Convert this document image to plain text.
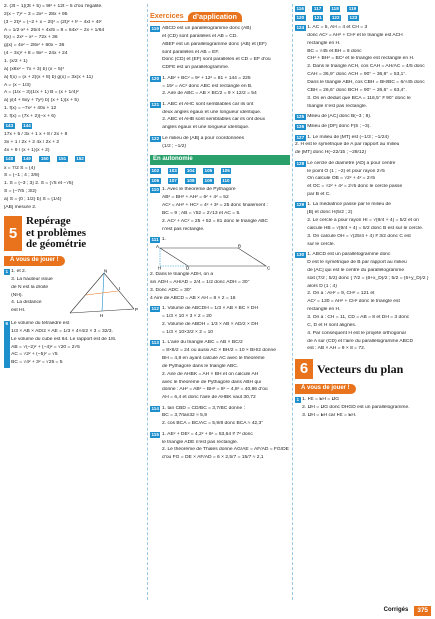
2. (3t − 1)(3t + 5) = 9t² + 12t − 5 d’où l’égalité.
2(x − 7)² − 3 = 2x² − 28x + 95
(3 − 2t)² = (−2 + x − 2t)² = (2t)² + t² − 4xt + 4t²
A = 1/2·x² + 25/4 + 4x/5 = 8 = 64x² − 2x + 1/64
f(x) = 2x² − x² − 72x + 36
g(x) = 4x² − 28x² + 60x − 36
(4 − 3x)² + 8 = 9x² − 24x + 24
1. (x/2 + 1)
a) (x6x² − 7x + 3) b) (x − 5)³
a) f(x) = (x + 2)(x + 8) b) g(x) = 3x(x + 11)
A = (x − 1/3)
A = (1/x − 3)(1/x + 1) B = (x + 1/4)²
a) y(4 + 6xy + 7y²) b) (x + 1)(x + 5)
1. f(x) = −7x² + 40x + 12
2. f(x) = (7x + 2)(−x + 6)
143 144
17x + 5 / 3x + 1 x + 8 / 2x + 8
3x + 1 / 2x + 2 4x / 2x + 2
4x + 9 / (x + 1)(x + 2)
148 149 150 151 152
x = 7/2 S = {4}
S = {−1 ; 4 ; 3/8}
1. S = {−3 ; 3} 2. S = {√5 et −√5}
S = {−7/5 ; 3/2}
a) S = {0 ; 1/2} b) S = {1/4}
[AB] mesure 2.
5
Repérage
et problèmes
de géométrie
À vous de jouer !
1 1. et 2.
3. La hauteur issue
de N est la droite
(NH).
4. La distance
est HI.
N
P
H
I
6 Le volume du tétraèdre est
1/3 × AB × AD/2 × AE = 1/3 × 4×4/2 × 3 = 32/3.
Le volume du cube est 64. Le rapport est de 1/6.
AB = √(−2)² + (−4)² = √20 = 2√5
AC = √2² + (−5)² = √5
BC = √4² + 3² = √25 = 5
Exercices	d’application
119 ABCD est un parallélogramme donc (AB)
et (CD) sont parallèles et AB = CD.
ABEF est un parallélogramme donc (AB) et (EF)
sont parallèles et AB = EF.
Donc (CD) et (EF) sont parallèles et CD = EF d’où
CDFE est un parallélogramme.
120 1. AB² + BC² = 9² + 12² = 81 + 144 = 225
= 15² = AC² donc ABC est rectangle en B.
2. Aire de ABC = AB × BC/2 = 9 × 12/2 = 54
121 1. ABC et AHC sont semblables car ils ont
deux angles égaux et une longueur identique.
2. ABC et AHB sont semblables car ils ont deux
angles égaux et une longueur identique.
122 Le milieu de [AB] a pour coordonnées
(1/2 ; −1/2)
En autonomie
102 103 104 105 105
106 107 108 109 110
110 1. Avec le théorème de Pythagore
AB² = BH² + AH² = 6² + 4² = 52
AC² = AH² + HC² = 4² + 3² = 25 donc finalement :
BC = 9 ; AB = √52 = 2√13 et AC = 5.
2. AC² + AC² = 25 + 52 = 81 donc le triangle ABC
n’est pas rectangle.
111 1.
A	B
C
D
H
2. Dans le triangle ADH, on a
sin ÂDH = AH/AD = 2/4 = 1/2 donc ÂDH = 30°
3. Donc ÂDC = 30°
4 Aire de ABCD = AB × AH = 8 × 2 = 16
112 1. Volume de ABCDH = 1/3 × AB × BC × DH
= 1/3 × 10 × 3 × 2 = 20
2. Volume de ABDH = 1/3 × AB × AD/2 × DH
= 1/3 × 10×3/2 × 2 = 10
113 1. L’aire du triangle ABC = AB × BC/2
= 8×6/2 = 24 ou aussi AC × BH/2 = 10 × BH/2 donne
BH = 4,8 en ayant calculé AC avec le théorème
de Pythagore dans le triangle ABC.
2. Aire de AHBK = AH × BH et on calcule AH
avec le théorème de Pythagore dans ABH qui
donne : AH² = AB² − BH² = 8² − 4,8² = 40,96 d’où
AH = 6,4 et donc l’aire de AHBK vaut 30,72
114 1. tan ĈBD = CD/BC = 3,7/BC donne :
BC = 3,7/tan32 ≈ 5,9
2. cos B̂CA = BC/AC = 5,9/8 donc B̂CA ≈ 42,3°
115 1. AE² + DE² = 4,2² + 6² = 53,64 ≠ 7² donc
le triangle ADE n’est pas rectangle.
2. Le théorème de Thalès donne AG/AE = AF/AD = FG/DE
d’ou FG = DE × AF/AD = 6 × 2,5/7 = 15/7 ≈ 2,1
116 117 118 119
120 121 122 123
124 1. AC = 5, AH = 4 et CH = 3
donc AC² = AH² + CH² et le triangle est ACH
rectangle en H.
BC = √45 et BH = 6 donc
CH² + BH² = BC² et le triangle est rectangle en H.
2. Dans le triangle ACH, cos ĈAH = AH/AC = 4/5 donc
ĈAH = 36,9° donc ÂCH = 90° − 36,9° = 53,1°.
Dans le triangle ABH, cos ĈBH = BH/BC = 6/√45 donc
ĈBH = 26,6° donc B̂CH = 90° − 26,6° = 63,4°.
3. On en déduit que B̂CA = 116,5° ≠ 90° donc le
triangle n’est pas rectangle.
125 Milieu de [AC] donc B(−3 ; 8).
126 Milieu de [DF] donc F(5 ; −3).
127 1. Le milieu de [MT] est (−1/3 ; −1/24)
2. H est le symétrique de A par rapport au milieu
de [MT] donc H(−22/15 ; −29/12)
128 Le cercle de diamètre [AD] a pour centre
le point O (1 ; −2) et pour rayon 2√5
On calcule OB = √2² + 4² = 2√5
et OC = √2² + 4² = 2√5 donc le cercle passe
par B et C.
129 1. La médiatrice passe par le milieu de
[B] et donc H(5/2 ; 2)
2. Le cercle a pour rayon HI = √(9/4 + 4) = 5/2 et on
calcule HB = √(9/4 + 4) = 5/2 donc B est sur le cercle.
3. On calcule OH = √(25/4 + 4) ≠ 3/2 donc C est
sur le cercle.
130 1. ABCD est un parallélogramme donc
D est le symétrique de B par rapport au milieu
de [AC] qui est le centre du parallélogramme
soit (7/2 ; 5/2) donc { 7/2 = (6+x_D)/2 ; 5/2 = (5+y_D)/2 }
alors D (1 ; 4)
2. On a : AH² = 9, CH² = 121 et
AC² = 130 = AH² + CH² donc le triangle est
rectangle en H.
3. On a : CH = 11, CD = AB = 8 et DH = 3 donc
C, D et H sont alignés.
4. Par conséquent H est le projeté orthogonal
de A sur (CD) et l’aire du parallélogramme ABCD
est : AB × AH = 9 × 8 = 72.
6 Vecteurs du plan
À vous de jouer !
1 1. F⃗E = E⃗H = D⃗G
2. D⃗H = D⃗G donc DHGD est un parallélogramme.
3. D⃗H = E⃗H car F⃗E = E⃗H.
Corrigés	375
